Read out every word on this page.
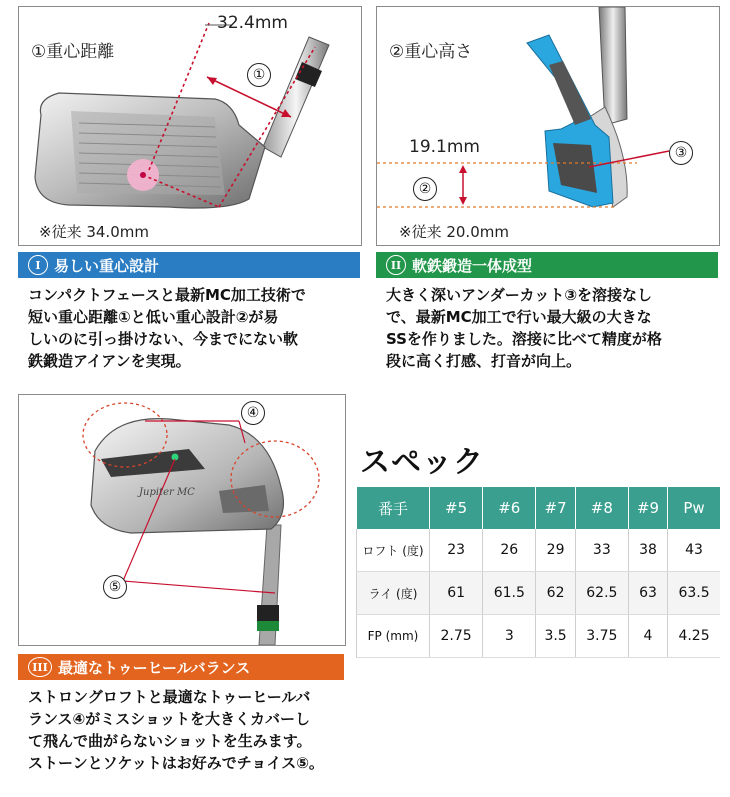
①重心距離
32.4mm
①
※従来 34.0mm
②重心高さ
19.1mm
②
③
※従来 20.0mm
I 易しい重心設計	II 軟鉄鍛造一体成型
コンパクトフェースと最新MC加工技術で
短い重心距離①と低い重心設計②が易
しいのに引っ掛けない、今までにない軟
鉄鍛造アイアンを実現。
大きく深いアンダーカット③を溶接なし
で、最新MC加工で行い最大級の大きな
SSを作りました。溶接に比べて精度が格
段に高く打感、打音が向上。
Jupiter MC
④
⑤
III 最適なトゥーヒールバランス
ストロングロフトと最適なトゥーヒールバ
ランス④がミスショットを大きくカバーし
て飛んで曲がらないショットを生みます。
ストーンとソケットはお好みでチョイス⑤。
スペック
番手	#5	#6	#7	#8	#9	Pw
ロフト (度)	23	26	29	33	38	43
ライ (度)	61	61.5	62	62.5	63	63.5
FP (mm)	2.75	3	3.5	3.75	4	4.25
